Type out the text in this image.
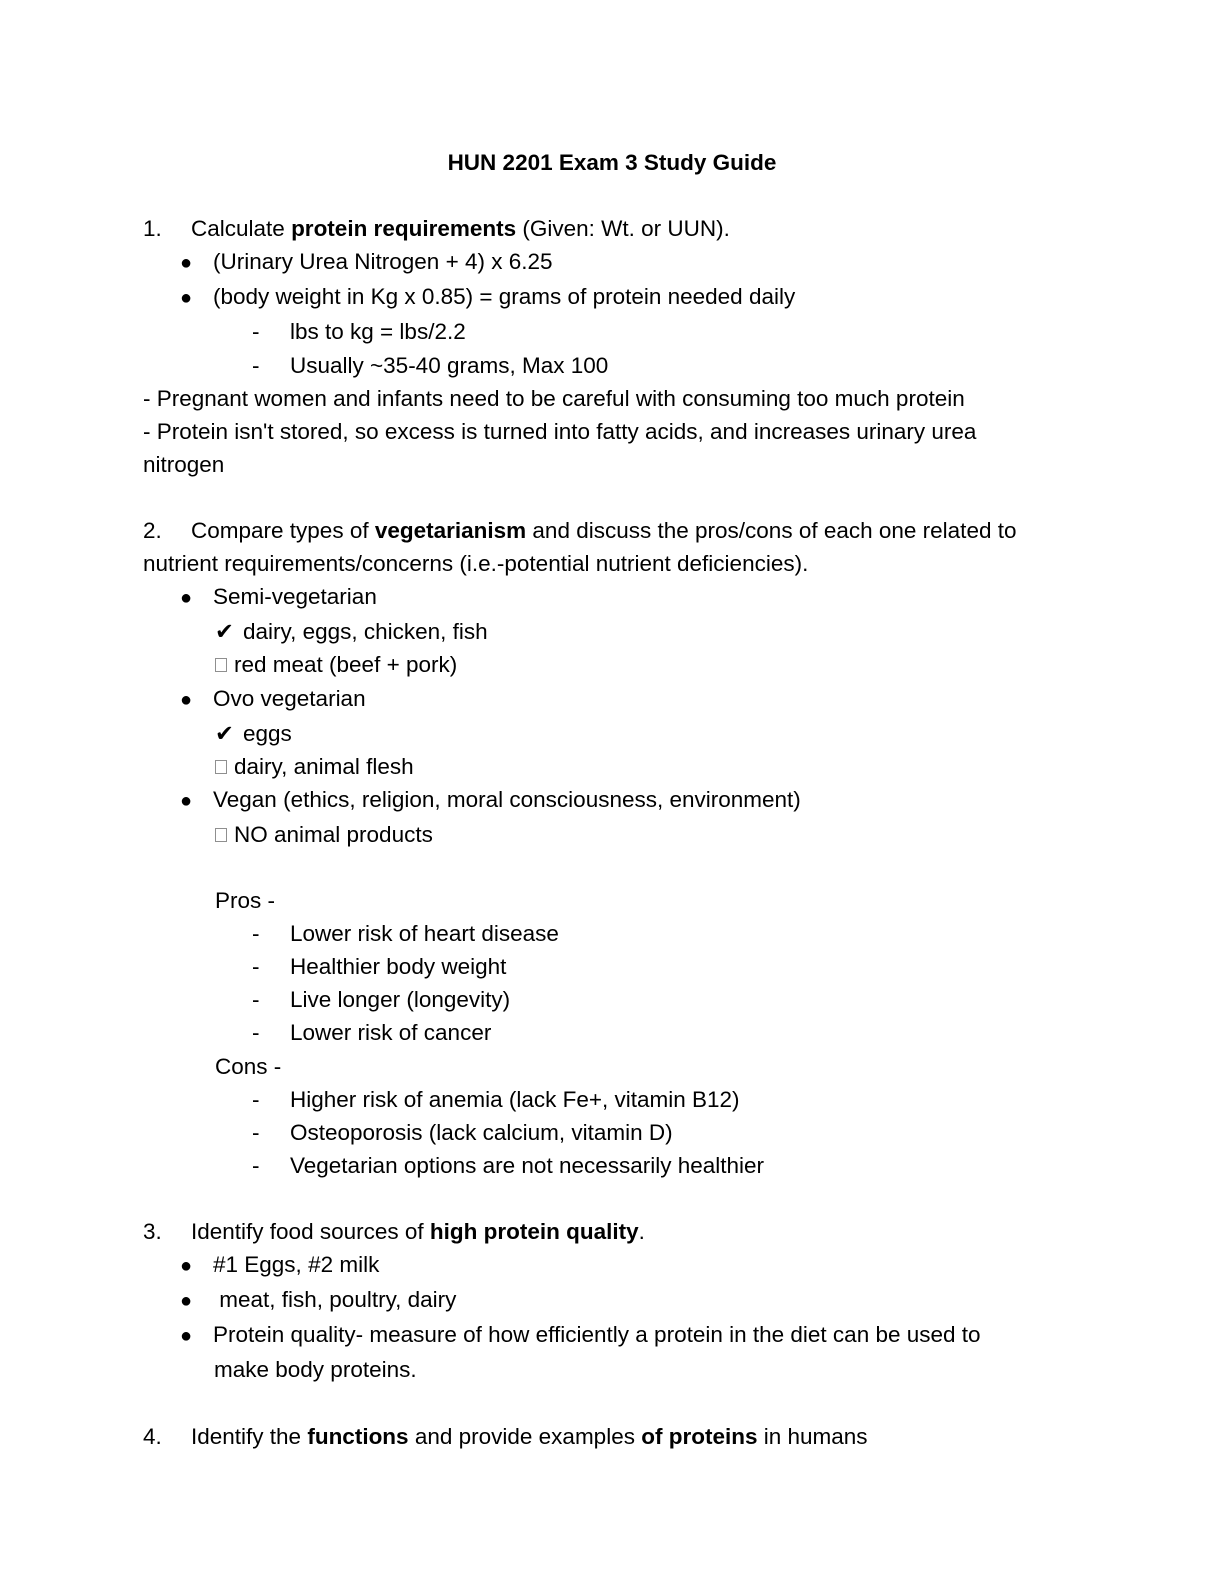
HUN 2201 Exam 3 Study Guide
1. Calculate protein requirements (Given: Wt. or UUN).
● (Urinary Urea Nitrogen + 4) x 6.25
● (body weight in Kg x 0.85) = grams of protein needed daily
- lbs to kg = lbs/2.2
- Usually ~35-40 grams, Max 100
- Pregnant women and infants need to be careful with consuming too much protein
- Protein isn't stored, so excess is turned into fatty acids, and increases urinary urea
nitrogen
2. Compare types of vegetarianism and discuss the pros/cons of each one related to
nutrient requirements/concerns (i.e.-potential nutrient deficiencies).
● Semi-vegetarian
✔ dairy, eggs, chicken, fish
red meat (beef + pork)
● Ovo vegetarian
✔ eggs
dairy, animal flesh
● Vegan (ethics, religion, moral consciousness, environment)
NO animal products
Pros -
- Lower risk of heart disease
- Healthier body weight
- Live longer (longevity)
- Lower risk of cancer
Cons -
- Higher risk of anemia (lack Fe+, vitamin B12)
- Osteoporosis (lack calcium, vitamin D)
- Vegetarian options are not necessarily healthier
3. Identify food sources of high protein quality.
● #1 Eggs, #2 milk
● meat, fish, poultry, dairy
● Protein quality- measure of how efficiently a protein in the diet can be used to
make body proteins.
4. Identify the functions and provide examples of proteins in humans
